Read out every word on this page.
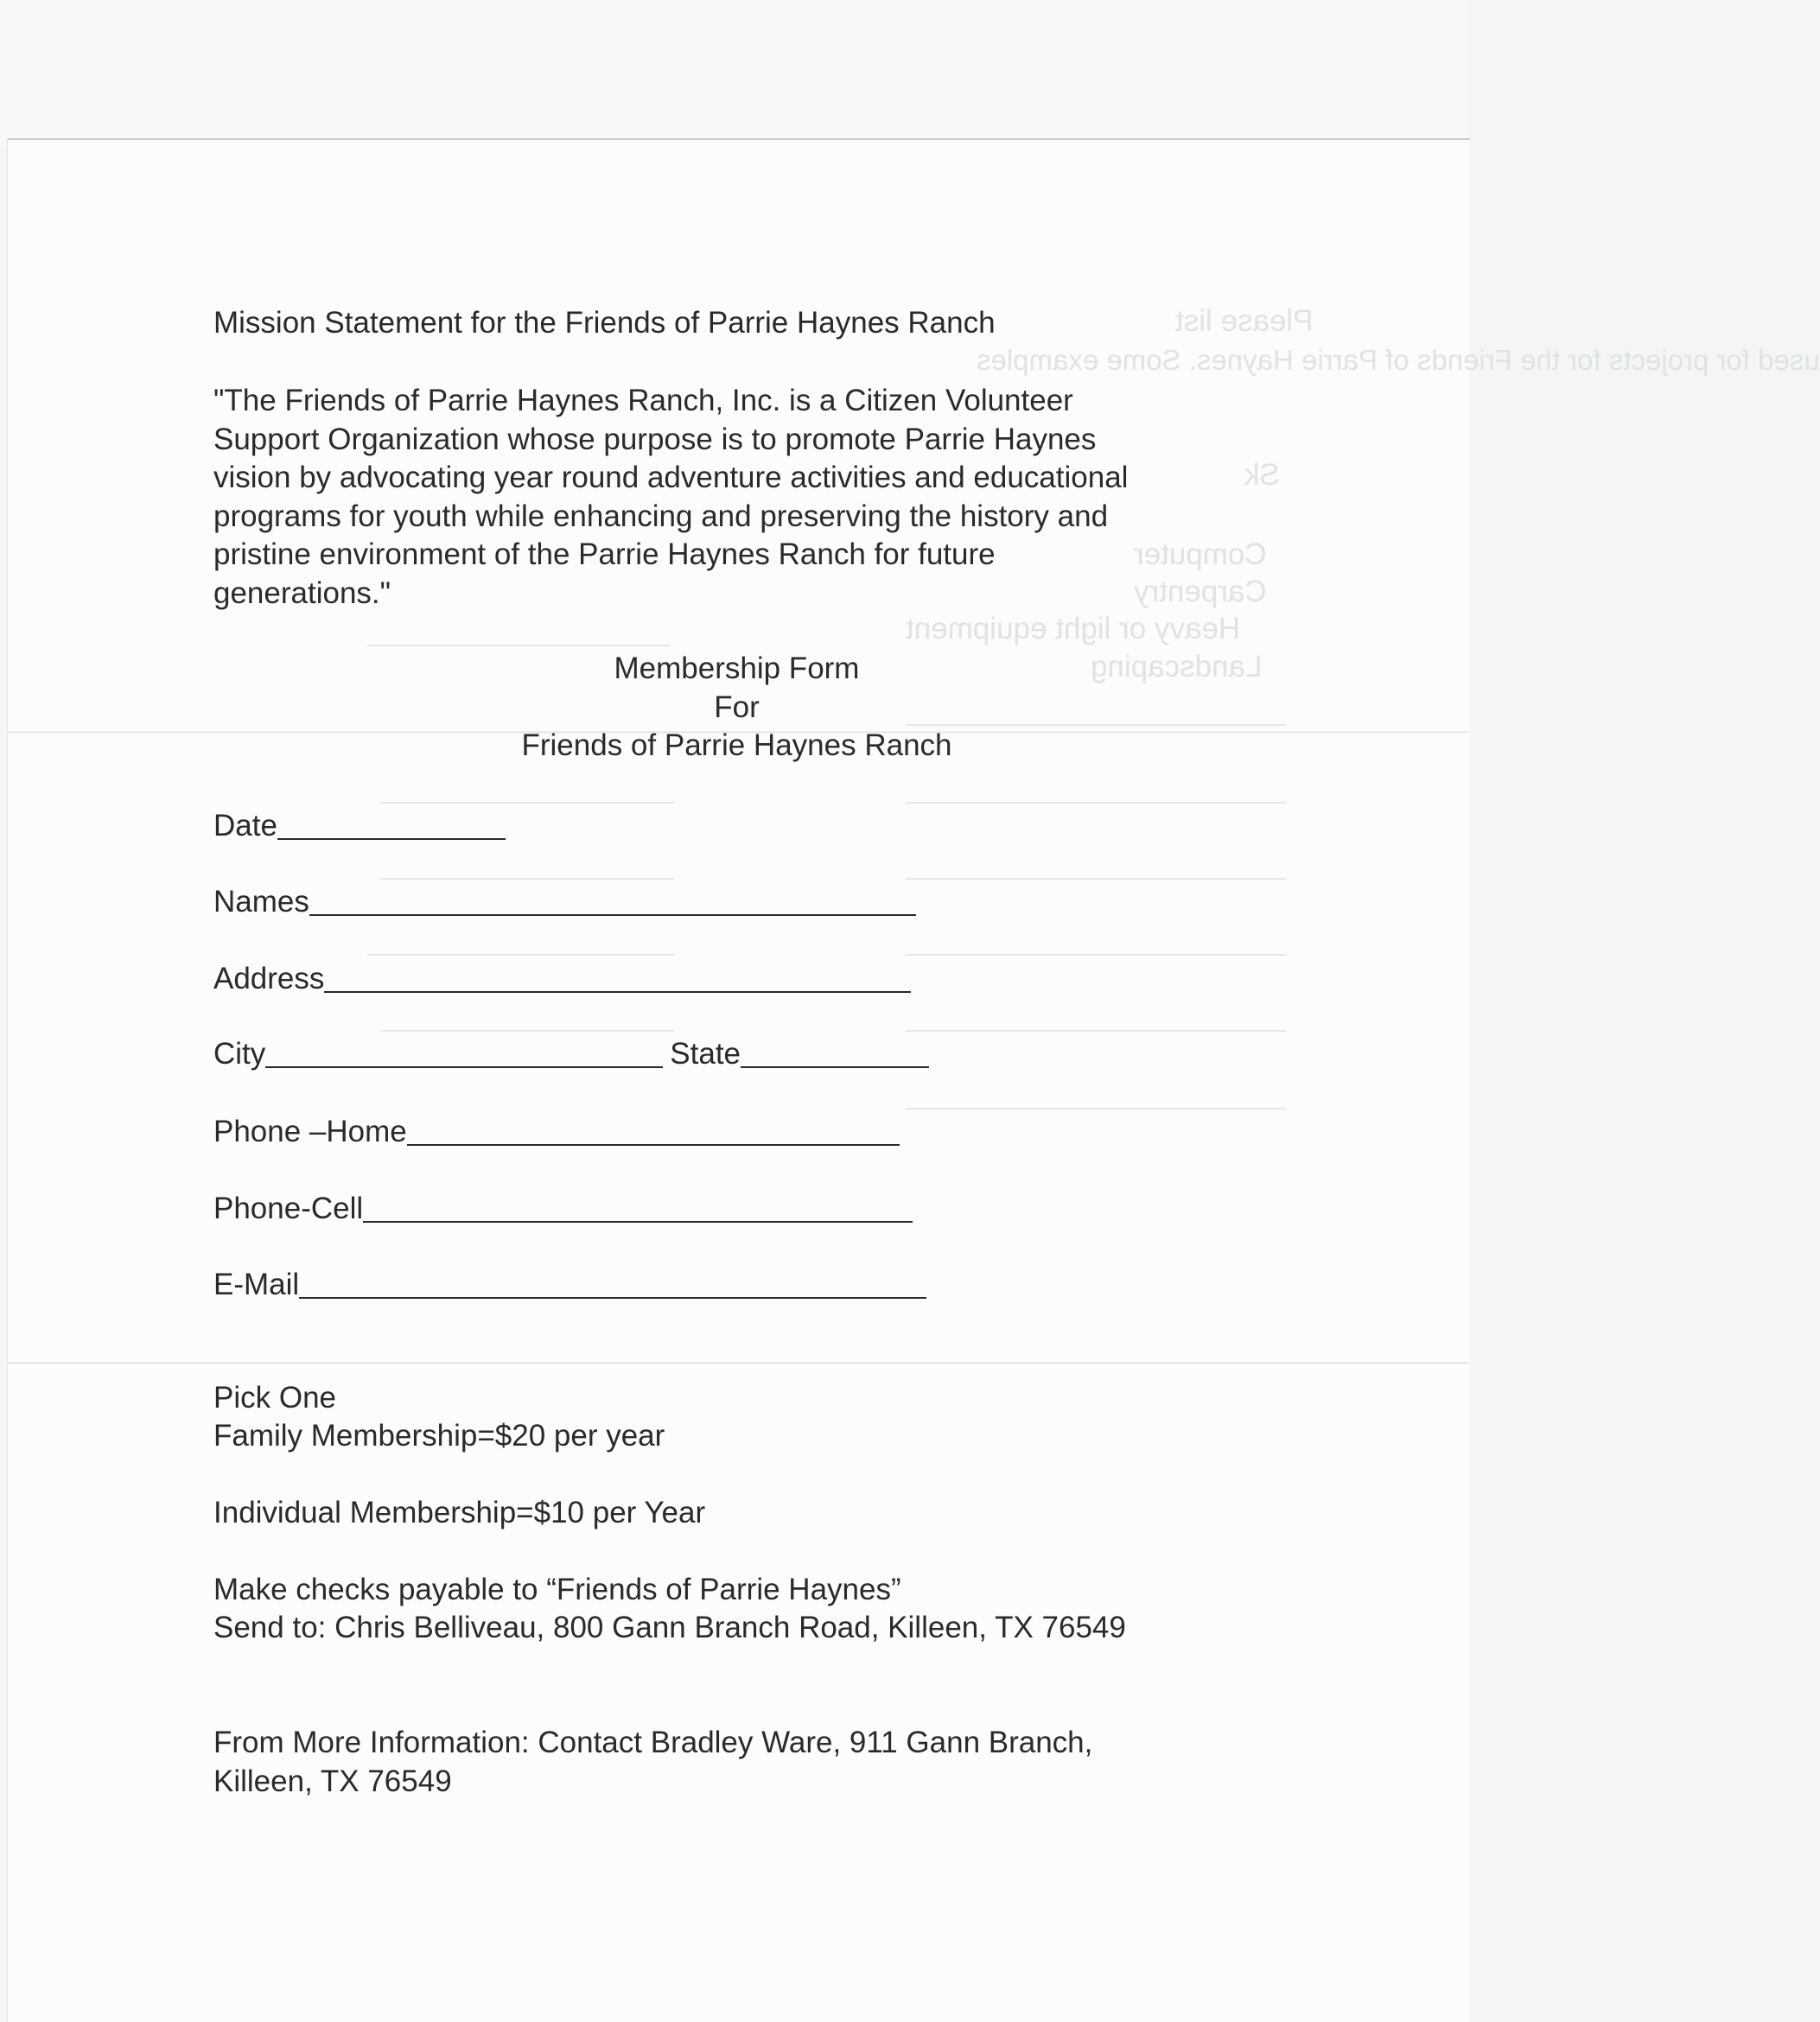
Please list
used for projects for the Friends of Parrie Haynes. Some examples
Sk
Computer
Carpentry
Heavy or light equipment
Landscaping
Mission Statement for the Friends of Parrie Haynes Ranch
"The Friends of Parrie Haynes Ranch, Inc. is a Citizen Volunteer
Support Organization whose purpose is to promote Parrie Haynes
vision by advocating year round adventure activities and educational
programs for youth while enhancing and preserving the history and
pristine environment of the Parrie Haynes Ranch for future
generations."
Membership Form
For
Friends of Parrie Haynes Ranch
Date
Names
Address
City	State
Phone –Home
Phone-Cell
E-Mail
Pick One
Family Membership=$20 per year
Individual Membership=$10 per Year
Make checks payable to “Friends of Parrie Haynes”
Send to: Chris Belliveau, 800 Gann Branch Road, Killeen, TX 76549
From More Information: Contact Bradley Ware, 911 Gann Branch,
Killeen, TX 76549
